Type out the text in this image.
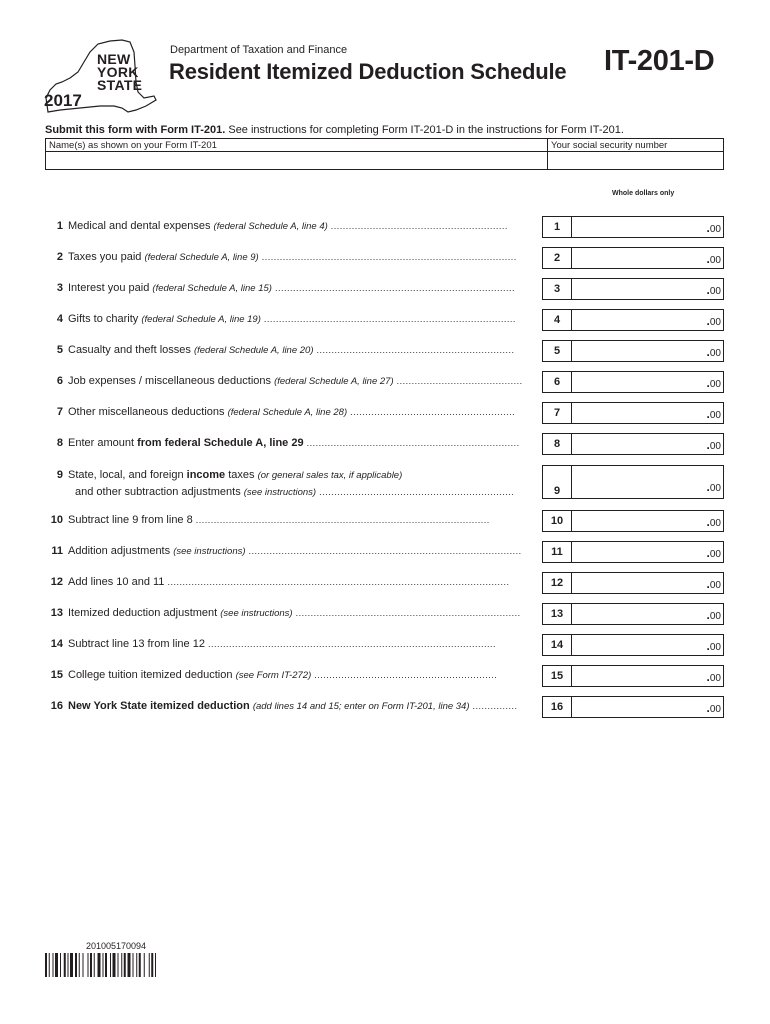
NEW
YORK
STATE
2017
Department of Taxation and Finance
Resident Itemized Deduction Schedule IT-201-D
Submit this form with Form IT-201. See instructions for completing Form IT-201-D in the instructions for Form IT-201.
Name(s) as shown on your Form IT-201	Your social security number
Whole dollars only
1 Medical and dental expenses (federal Schedule A, line 4) ...........................................................	1	.00
2 Taxes you paid (federal Schedule A, line 9) .....................................................................................	2	.00
3 Interest you paid (federal Schedule A, line 15) ................................................................................	3	.00
4 Gifts to charity (federal Schedule A, line 19) ....................................................................................	4	.00
5 Casualty and theft losses (federal Schedule A, line 20) ..................................................................	5	.00
6 Job expenses / miscellaneous deductions (federal Schedule A, line 27) ..........................................	6	.00
7 Other miscellaneous deductions (federal Schedule A, line 28) .......................................................	7	.00
8 Enter amount from federal Schedule A, line 29 .......................................................................	8	.00
10 Subtract line 9 from line 8 ..................................................................................................	10	.00
11 Addition adjustments (see instructions) ...........................................................................................	11	.00
12 Add lines 10 and 11 ..................................................................................................................	12	.00
13 Itemized deduction adjustment (see instructions) ...........................................................................	13	.00
14 Subtract line 13 from line 12 ................................................................................................	14	.00
15 College tuition itemized deduction (see Form IT-272) .............................................................	15	.00
16 New York State itemized deduction (add lines 14 and 15; enter on Form IT-201, line 34) ...............	16	.00
9 State, local, and foreign income taxes (or general sales tax, if applicable)
and other subtraction adjustments (see instructions) .................................................................	9	.00
201005170094
